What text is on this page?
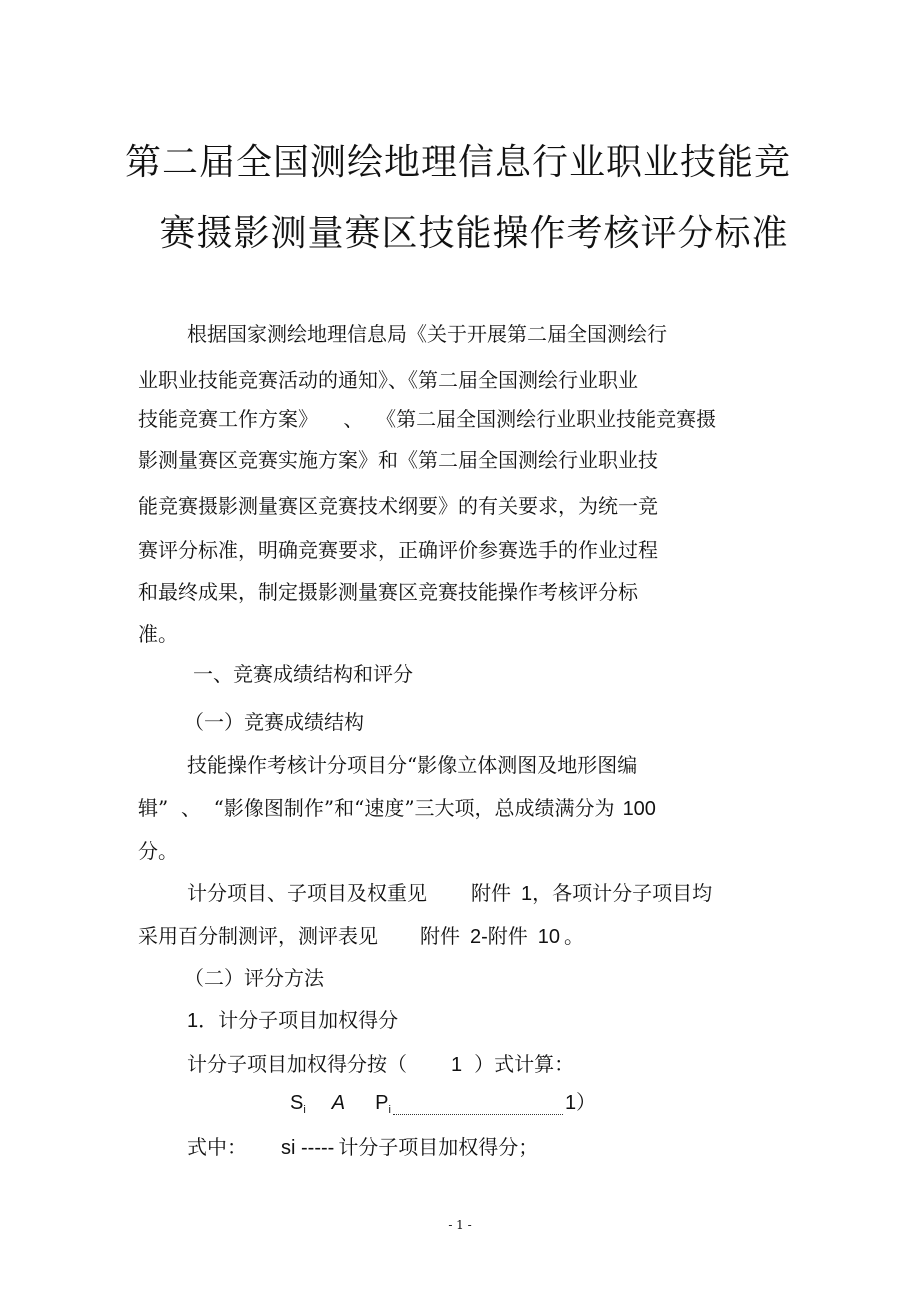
第二届全国测绘地理信息行业职业技能竞
赛摄影测量赛区技能操作考核评分标准
根据国家测绘地理信息局《关于开展第二届全国测绘行
业职业技能竞赛活动的通知》、《第二届全国测绘行业职业
技能竞赛工作方案》    、  《第二届全国测绘行业职业技能竞赛摄
影测量赛区竞赛实施方案》和《第二届全国测绘行业职业技
能竞赛摄影测量赛区竞赛技术纲要》的有关要求，为统一竞
赛评分标准，明确竞赛要求，正确评价参赛选手的作业过程
和最终成果，制定摄影测量赛区竞赛技能操作考核评分标
准。
一、竞赛成绩结构和评分
（一）竞赛成绩结构
技能操作考核计分项目分“影像立体测图及地形图编
辑”  、  “影像图制作”和“速度”三大项，总成绩满分为 100
分。
计分项目、子项目及权重见 附件 1，各项计分子项目均
采用百分制测评，测评表见 附件 2-附件 10 。
（二）评分方法
1．计分子项目加权得分
计分子项目加权得分按（ 1 ）式计算：
$S_i$ A $P_i$	1）
式中： si ----- 计分子项目加权得分；
- 1 -
